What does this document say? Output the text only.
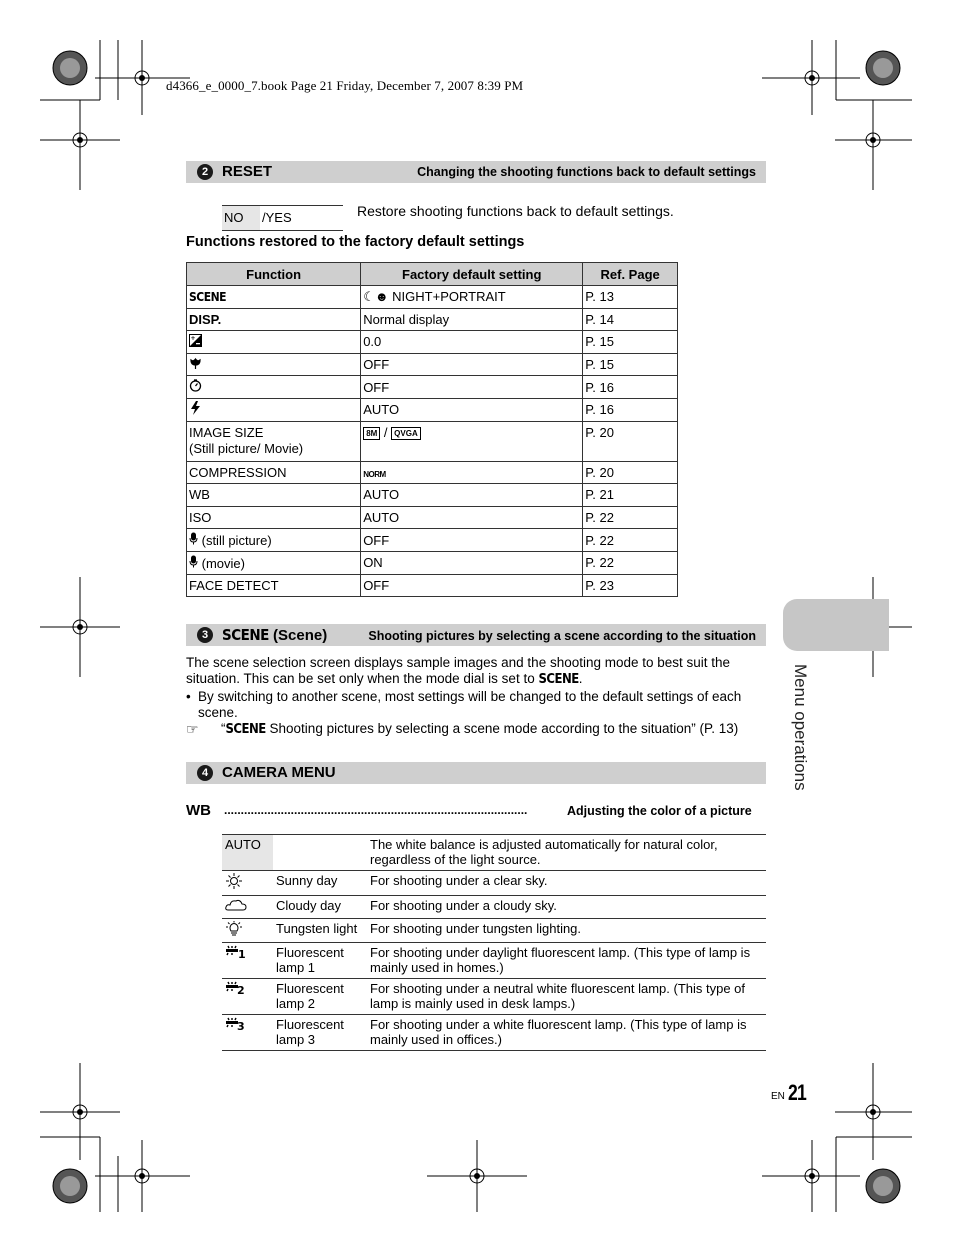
d4366_e_0000_7.book Page 21 Friday, December 7, 2007 8:39 PM
2 RESET	Changing the shooting functions back to default settings
NO	/YES	Restore shooting functions back to default settings.
Functions restored to the factory default settings
Function	Factory default setting	Ref. Page
SCENE	☾☻ NIGHT+PORTRAIT	P. 13
DISP.	Normal display	P. 14

+	0.0	P. 15
	OFF	P. 15
	OFF	P. 16
	AUTO	P. 16
IMAGE SIZE
(Still picture/ Movie)	8M / QVGA	P. 20
COMPRESSION	NORM	P. 20
WB	AUTO	P. 21
ISO	AUTO	P. 22
(still picture)	OFF	P. 22
(movie)	ON	P. 22
FACE DETECT	OFF	P. 23
Menu operations
3 SCENE (Scene)	Shooting pictures by selecting a scene according to the situation
The scene selection screen displays sample images and the shooting mode to best suit the situation. This can be set only when the mode dial is set to SCENE.
• By switching to another scene, most settings will be changed to the default settings of each scene.
☞ “SCENE Shooting pictures by selecting a scene mode according to the situation” (P. 13)
4 CAMERA MENU
WB ...........................................................................................	Adjusting the color of a picture
AUTO		The white balance is adjusted automatically for natural color, regardless of the light source.
	Sunny day	For shooting under a clear sky.
	Cloudy day	For shooting under a cloudy sky.
	Tungsten light	For shooting under tungsten lighting.

1	Fluorescent lamp 1	For shooting under daylight fluorescent lamp. (This type of lamp is mainly used in homes.)

2	Fluorescent lamp 2	For shooting under a neutral white fluorescent lamp. (This type of lamp is mainly used in desk lamps.)

3	Fluorescent lamp 3	For shooting under a white fluorescent lamp. (This type of lamp is mainly used in offices.)
EN 21
